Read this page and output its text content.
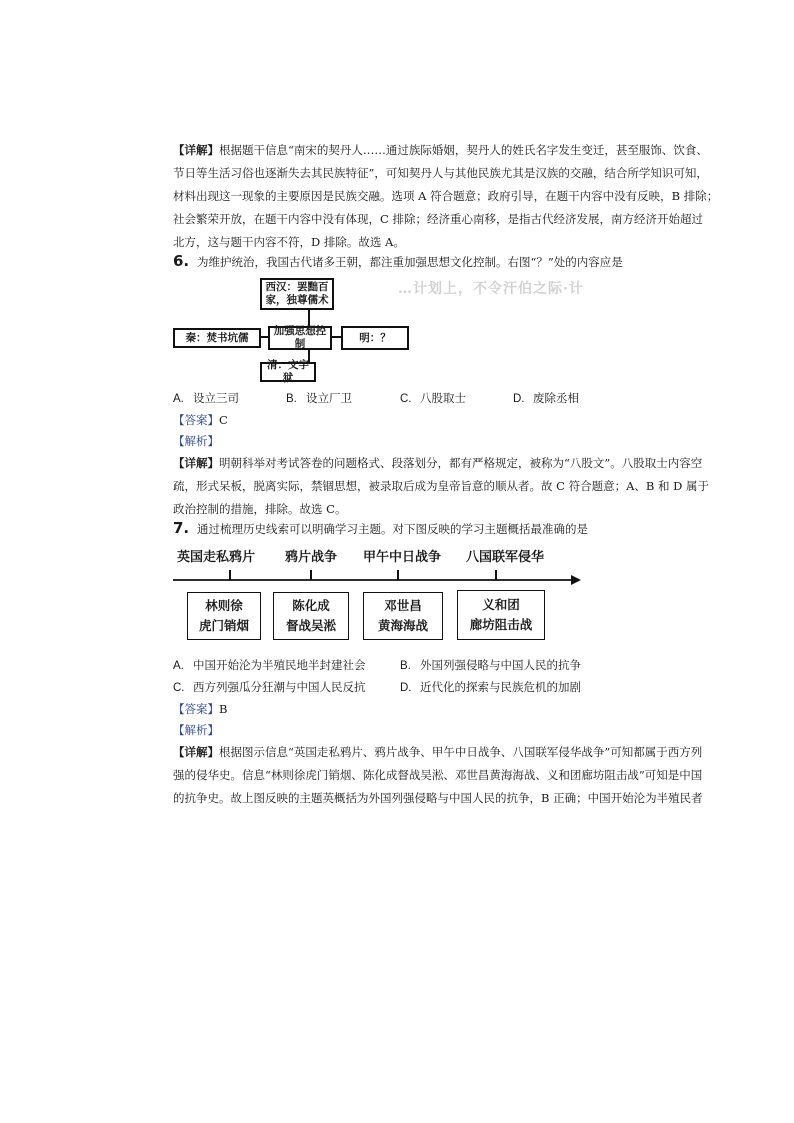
【详解】根据题干信息“南宋的契丹人……通过族际婚姻，契丹人的姓氏名字发生变迁，甚至服饰、饮食、
节日等生活习俗也逐渐失去其民族特征”，可知契丹人与其他民族尤其是汉族的交融，结合所学知识可知，
材料出现这一现象的主要原因是民族交融。选项 A 符合题意；政府引导，在题干内容中没有反映，B 排除；
社会繁荣开放，在题干内容中没有体现，C 排除；经济重心南移，是指古代经济发展，南方经济开始超过
北方，这与题干内容不符，D 排除。故选 A。
6. 为维护统治，我国古代诸多王朝，都注重加强思想文化控制。右图“？”处的内容应是
…计划上，不令汗伯之际·计
西汉：罢黜百家，独尊儒术
秦：焚书坑儒
加强思想控制
明：？
清：文字狱
A. 设立三司	B. 设立厂卫	C. 八股取士	D. 废除丞相
【答案】C
【解析】
【详解】明朝科举对考试答卷的问题格式、段落划分，都有严格规定，被称为“八股文”。八股取士内容空
疏，形式呆板，脱离实际，禁锢思想，被录取后成为皇帝旨意的顺从者。故 C 符合题意；A、B 和 D 属于
政治控制的措施，排除。故选 C。
7. 通过梳理历史线索可以明确学习主题。对下图反映的学习主题概括最准确的是
英国走私鸦片 鸦片战争 甲午中日战争 八国联军侵华
林则徐
虎门销烟
陈化成
督战吴淞
邓世昌
黄海海战
义和团
廊坊阻击战
A. 中国开始沦为半殖民地半封建社会	B. 外国列强侵略与中国人民的抗争
C. 西方列强瓜分狂潮与中国人民反抗	D. 近代化的探索与民族危机的加剧
【答案】B
【解析】
【详解】根据图示信息“英国走私鸦片、鸦片战争、甲午中日战争、八国联军侵华战争”可知都属于西方列
强的侵华史。信息“林则徐虎门销烟、陈化成督战吴淞、邓世昌黄海海战、义和团廊坊阻击战”可知是中国
的抗争史。故上图反映的主题英概括为外国列强侵略与中国人民的抗争，B 正确；中国开始沦为半殖民者
